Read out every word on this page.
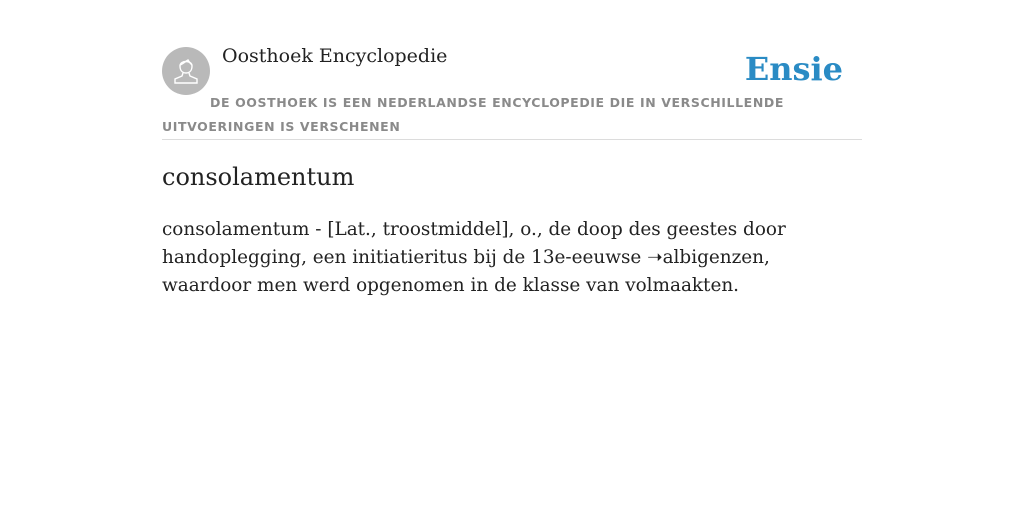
Oosthoek Encyclopedie	Ensie
DE OOSTHOEK IS EEN NEDERLANDSE ENCYCLOPEDIE DIE IN VERSCHILLENDE UITVOERINGEN IS VERSCHENEN
consolamentum

consolamentum - [Lat., troostmiddel], o., de doop des geestes door handoplegging, een initiatieritus bij de 13e-eeuwse ➝albigenzen, waardoor men werd opgenomen in de klasse van volmaakten.
